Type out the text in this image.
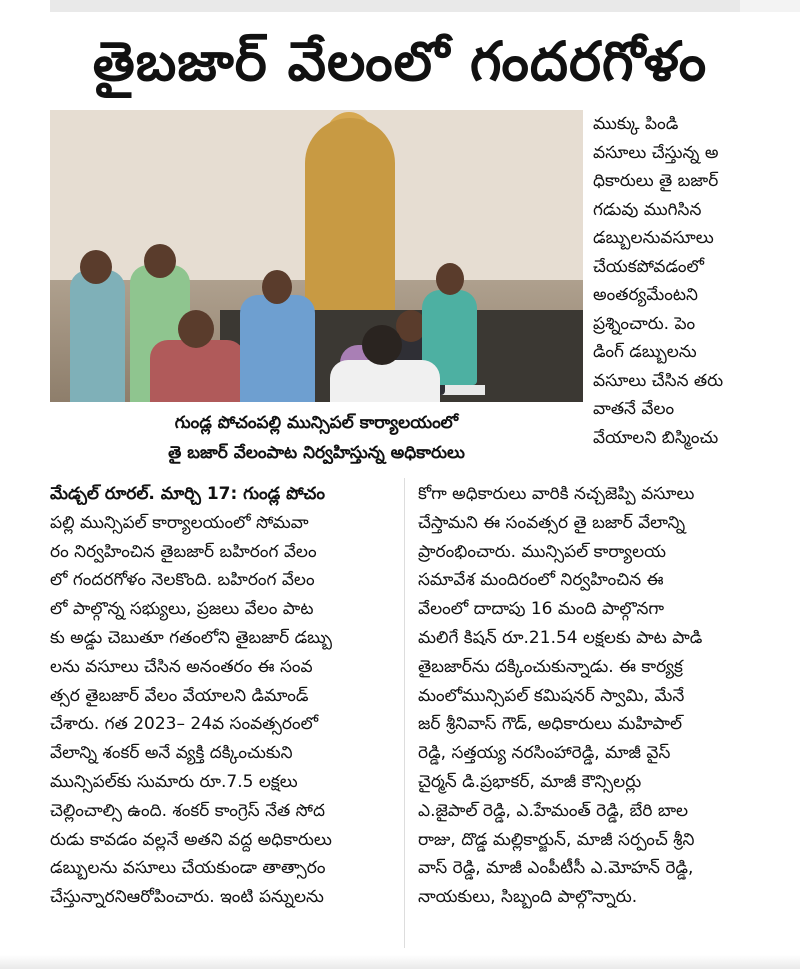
తైబజార్ వేలంలో గందరగోళం
గుండ్ల పోచంపల్లి మున్సిపల్ కార్యాలయంలో
తై బజార్ వేలంపాట నిర్వహిస్తున్న అధికారులు
ముక్కు పిండి
వసూలు చేస్తున్న అ
ధికారులు తై బజార్
గడువు ముగిసిన
డబ్బులనువసూలు
చేయకపోవడంలో
అంతర్యమేంటని
ప్రశ్నించారు. పెం
డింగ్ డబ్బులను
వసూలు చేసిన తరు
వాతనే వేలం
వేయాలని బిస్మించు
మేడ్చల్ రూరల్. మార్చి 17: గుండ్ల పోచం
పల్లి మున్సిపల్ కార్యాలయంలో సోమవా
రం నిర్వహించిన తైబజార్ బహిరంగ వేలం
లో గందరగోళం నెలకొంది. బహిరంగ వేలం
లో పాల్గొన్న సభ్యులు, ప్రజలు వేలం పాట
కు అడ్డు చెబుతూ గతంలోని తైబజార్ డబ్బు
లను వసూలు చేసిన అనంతరం ఈ సంవ
త్సర తైబజార్ వేలం వేయాలని డిమాండ్
చేశారు. గత 2023– 24వ సంవత్సరంలో
వేలాన్ని శంకర్ అనే వ్యక్తి దక్కించుకుని
మున్సిపల్‌కు సుమారు రూ.7.5 లక్షలు
చెల్లించాల్సి ఉంది. శంకర్ కాంగ్రెస్ నేత సోద
రుడు కావడం వల్లనే అతని వద్ద అధికారులు
డబ్బులను వసూలు చేయకుండా తాత్సారం
చేస్తున్నారనిఆరోపించారు. ఇంటి పన్నులను
కోగా అధికారులు వారికి నచ్చజెప్పి వసూలు
చేస్తామని ఈ సంవత్సర తై బజార్ వేలాన్ని
ప్రారంభించారు. మున్సిపల్ కార్యాలయ
సమావేశ మందిరంలో నిర్వహించిన ఈ
వేలంలో దాదాపు 16 మంది పాల్గొనగా
మలిగే కిషన్ రూ.21.54 లక్షలకు పాట పాడి
తైబజార్‌ను దక్కించుకున్నాడు. ఈ కార్యక్ర
మంలోమున్సిపల్ కమిషనర్ స్వామి, మేనే
జర్ శ్రీనివాస్ గౌడ్, అధికారులు మహిపాల్
రెడ్డి, సత్తయ్య నరసింహారెడ్డి, మాజీ వైస్
చైర్మన్ డి.ప్రభాకర్, మాజీ కౌన్సిలర్లు
ఎ.జైపాల్ రెడ్డి, ఎ.హేమంత్ రెడ్డి, బేరి బాల
రాజు, దొడ్డ మల్లికార్జున్, మాజీ సర్పంచ్ శ్రీని
వాస్ రెడ్డి, మాజీ ఎంపీటీసీ ఎ.మోహన్ రెడ్డి,
నాయకులు, సిబ్బంది పాల్గొన్నారు.
